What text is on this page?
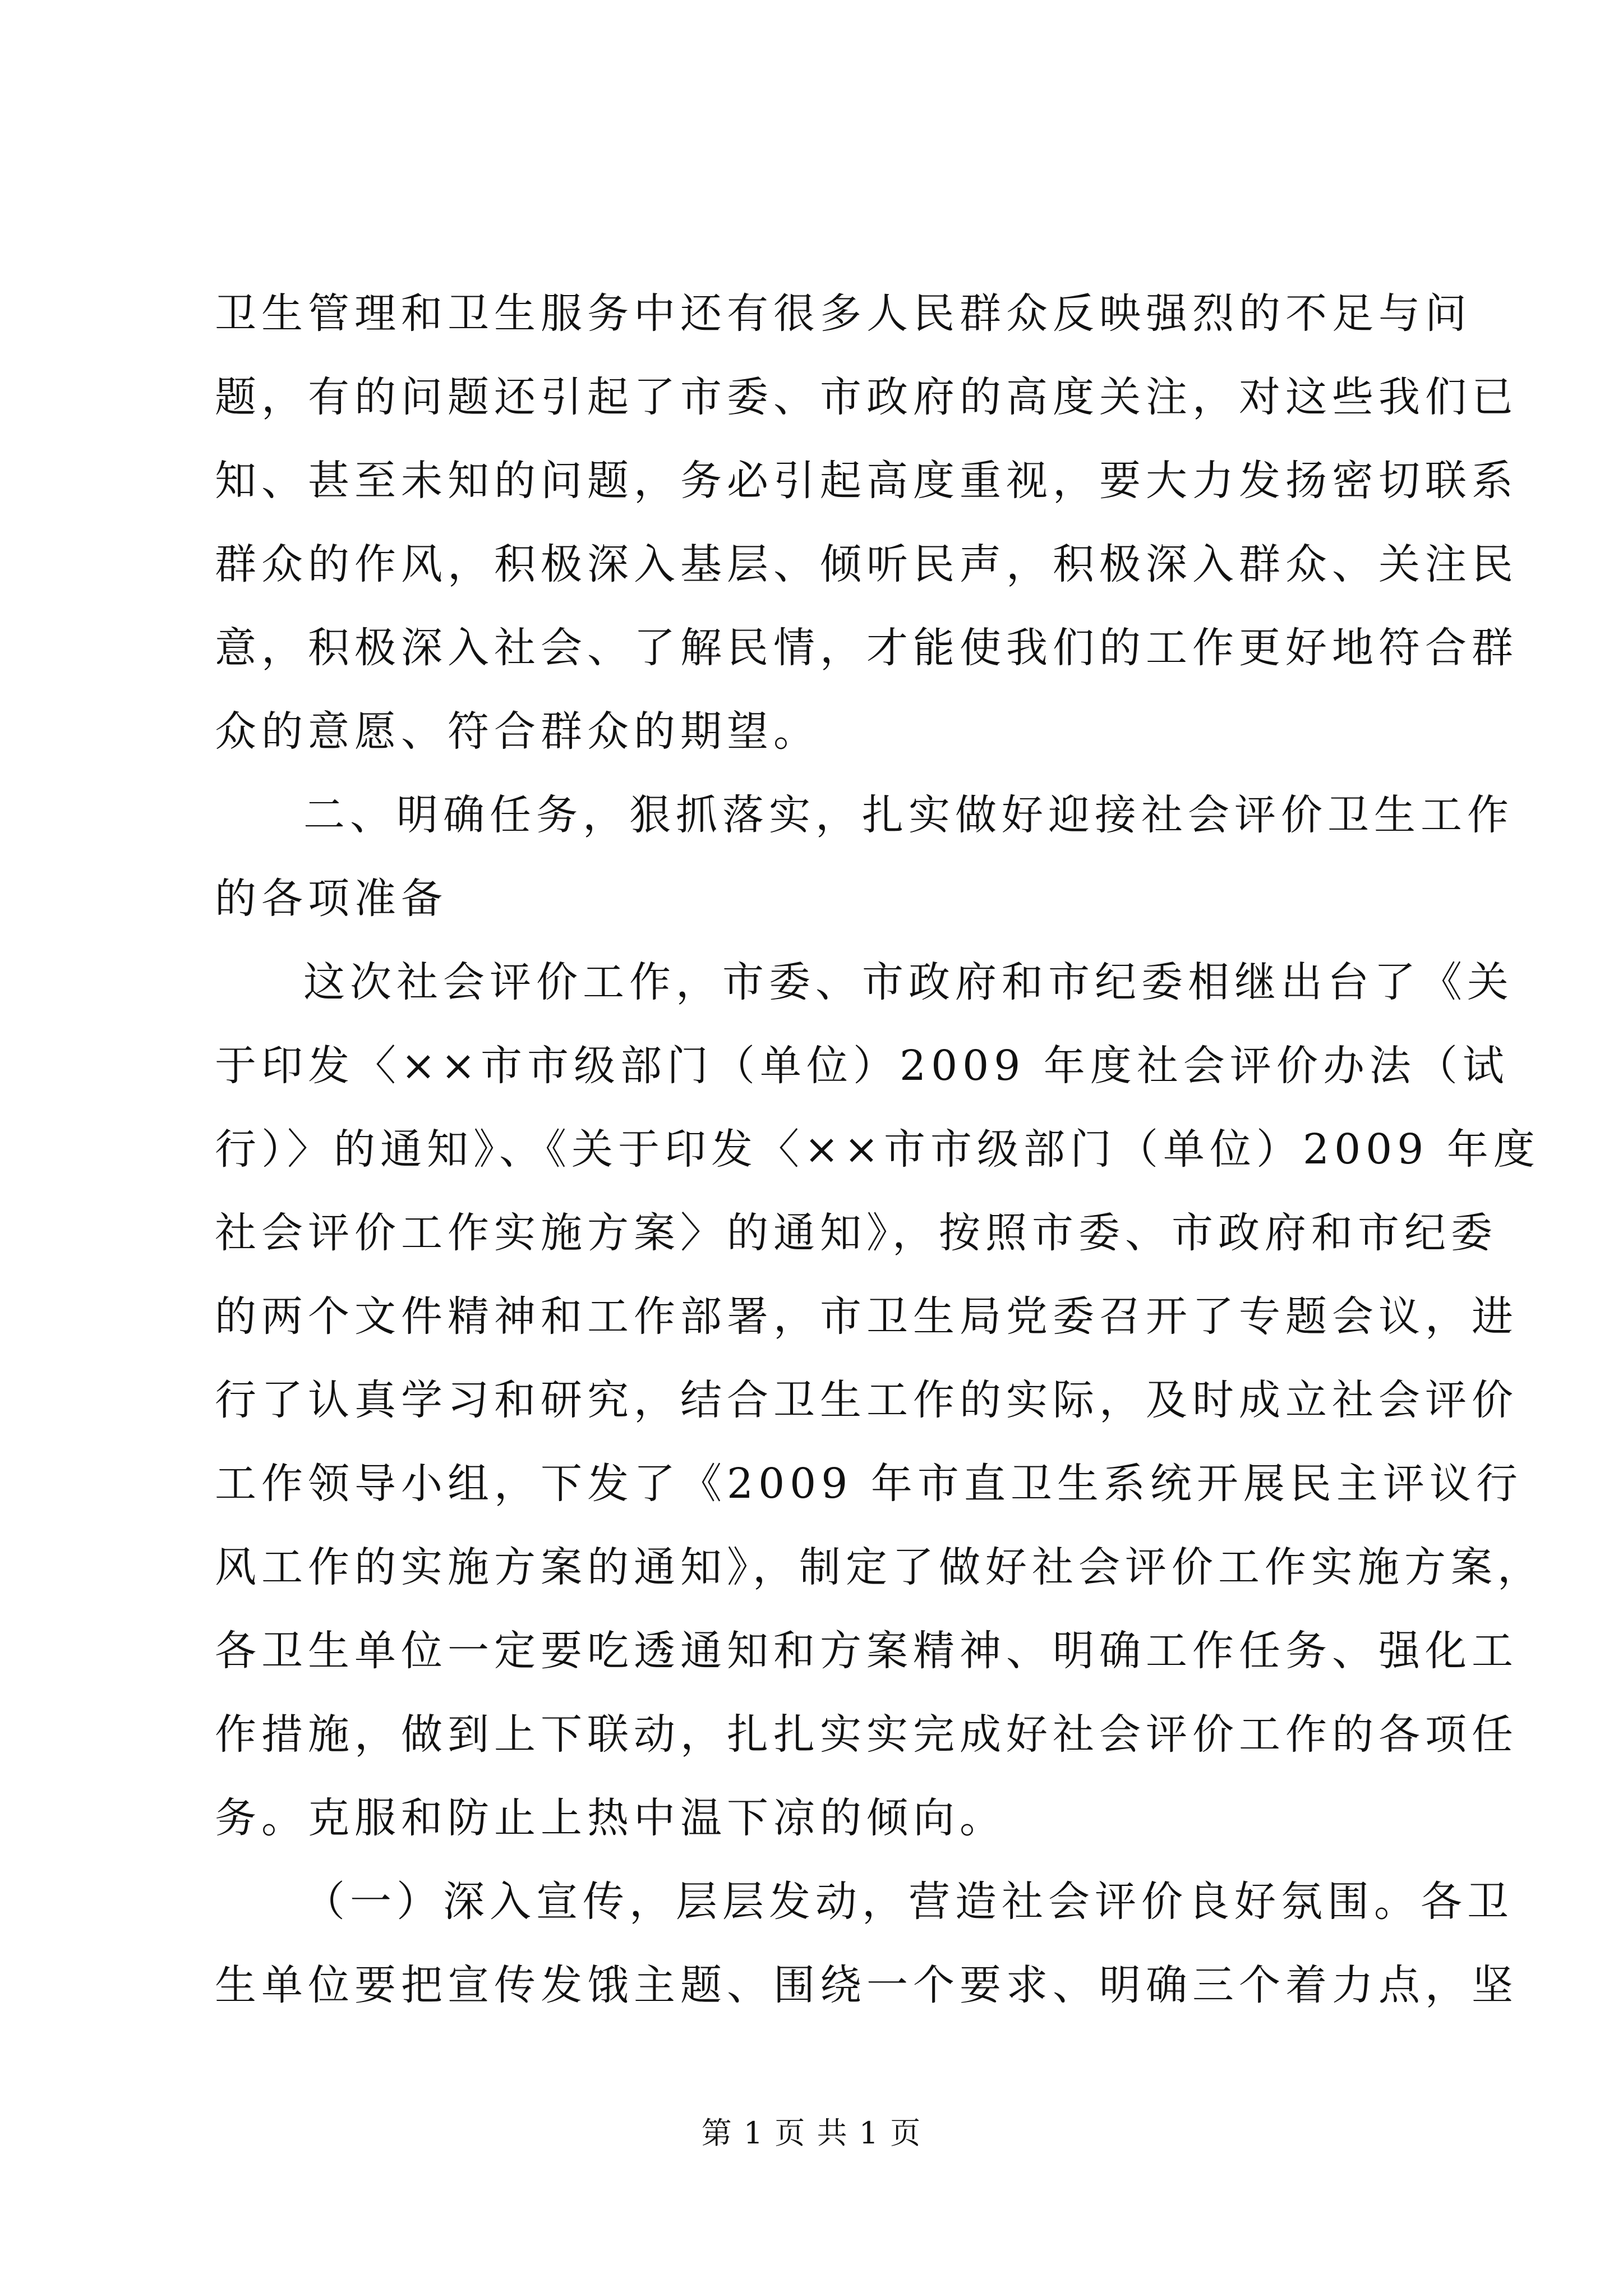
卫生管理和卫生服务中还有很多人民群众反映强烈的不足与问
题，有的问题还引起了市委、市政府的高度关注，对这些我们已
知、甚至未知的问题，务必引起高度重视，要大力发扬密切联系
群众的作风，积极深入基层、倾听民声，积极深入群众、关注民
意，积极深入社会、了解民情，才能使我们的工作更好地符合群
众的意愿、符合群众的期望。
二、明确任务，狠抓落实，扎实做好迎接社会评价卫生工作
的各项准备
这次社会评价工作，市委、市政府和市纪委相继出台了《关
于印发〈××市市级部门（单位）2009 年度社会评价办法（试
行）〉的通知》、《关于印发〈××市市级部门（单位）2009 年度
社会评价工作实施方案〉的通知》，按照市委、市政府和市纪委
的两个文件精神和工作部署，市卫生局党委召开了专题会议，进
行了认真学习和研究，结合卫生工作的实际，及时成立社会评价
工作领导小组，下发了《2009 年市直卫生系统开展民主评议行
风工作的实施方案的通知》，制定了做好社会评价工作实施方案，
各卫生单位一定要吃透通知和方案精神、明确工作任务、强化工
作措施，做到上下联动，扎扎实实完成好社会评价工作的各项任
务。克服和防止上热中温下凉的倾向。
（一）深入宣传，层层发动，营造社会评价良好氛围。各卫
生单位要把宣传发饿主题、围绕一个要求、明确三个着力点，坚
第 1 页 共 1 页
